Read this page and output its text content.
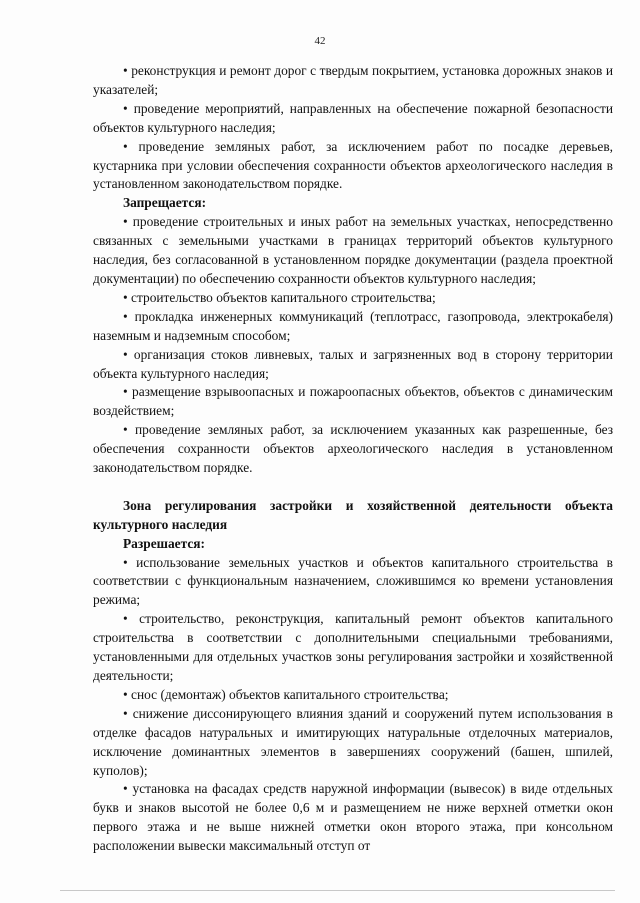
42

• реконструкция и ремонт дорог с твердым покрытием, установка дорожных знаков и указателей;

• проведение мероприятий, направленных на обеспечение пожарной безопасности объектов культурного наследия;

• проведение земляных работ, за исключением работ по посадке деревьев, кустарника при условии обеспечения сохранности объектов археологического наследия в установленном законодательством порядке.

Запрещается:

• проведение строительных и иных работ на земельных участках, непосредственно связанных с земельными участками в границах территорий объектов культурного наследия, без согласованной в установленном порядке документации (раздела проектной документации) по обеспечению сохранности объектов культурного наследия;

• строительство объектов капитального строительства;

• прокладка инженерных коммуникаций (теплотрасс, газопровода, электрокабеля) наземным и надземным способом;

• организация стоков ливневых, талых и загрязненных вод в сторону территории объекта культурного наследия;

• размещение взрывоопасных и пожароопасных объектов, объектов с динамическим воздействием;

• проведение земляных работ, за исключением указанных как разрешенные, без обеспечения сохранности объектов археологического наследия в установленном законодательством порядке.

Зона регулирования застройки и хозяйственной деятельности объекта культурного наследия

Разрешается:

• использование земельных участков и объектов капитального строительства в соответствии с функциональным назначением, сложившимся ко времени установления режима;

• строительство, реконструкция, капитальный ремонт объектов капитального строительства в соответствии с дополнительными специальными требованиями, установленными для отдельных участков зоны регулирования застройки и хозяйственной деятельности;

• снос (демонтаж) объектов капитального строительства;

• снижение диссонирующего влияния зданий и сооружений путем использования в отделке фасадов натуральных и имитирующих натуральные отделочных материалов, исключение доминантных элементов в завершениях сооружений (башен, шпилей, куполов);

• установка на фасадах средств наружной информации (вывесок) в виде отдельных букв и знаков высотой не более 0,6 м и размещением не ниже верхней отметки окон первого этажа и не выше нижней отметки окон второго этажа, при консольном расположении вывески максимальный отступ от
